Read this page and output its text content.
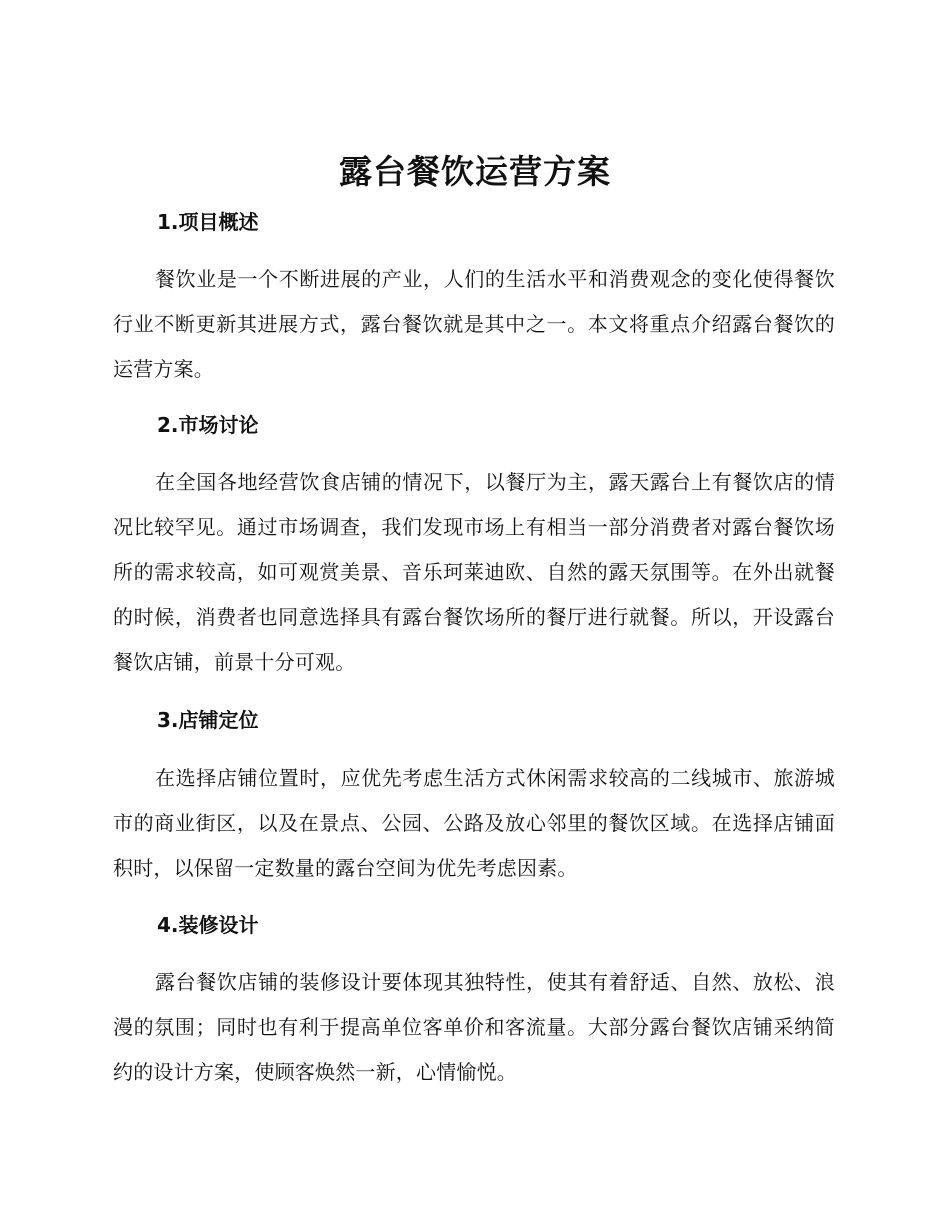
露台餐饮运营方案
1.项目概述

餐饮业是一个不断进展的产业，人们的生活水平和消费观念的变化使得餐饮行业不断更新其进展方式，露台餐饮就是其中之一。本文将重点介绍露台餐饮的运营方案。

2.市场讨论

在全国各地经营饮食店铺的情况下，以餐厅为主，露天露台上有餐饮店的情况比较罕见。通过市场调查，我们发现市场上有相当一部分消费者对露台餐饮场所的需求较高，如可观赏美景、音乐珂莱迪欧、自然的露天氛围等。在外出就餐的时候，消费者也同意选择具有露台餐饮场所的餐厅进行就餐。所以，开设露台餐饮店铺，前景十分可观。

3.店铺定位

在选择店铺位置时，应优先考虑生活方式休闲需求较高的二线城市、旅游城市的商业街区，以及在景点、公园、公路及放心邻里的餐饮区域。在选择店铺面积时，以保留一定数量的露台空间为优先考虑因素。

4.装修设计

露台餐饮店铺的装修设计要体现其独特性，使其有着舒适、自然、放松、浪漫的氛围；同时也有利于提高单位客单价和客流量。大部分露台餐饮店铺采纳简约的设计方案，使顾客焕然一新，心情愉悦。
